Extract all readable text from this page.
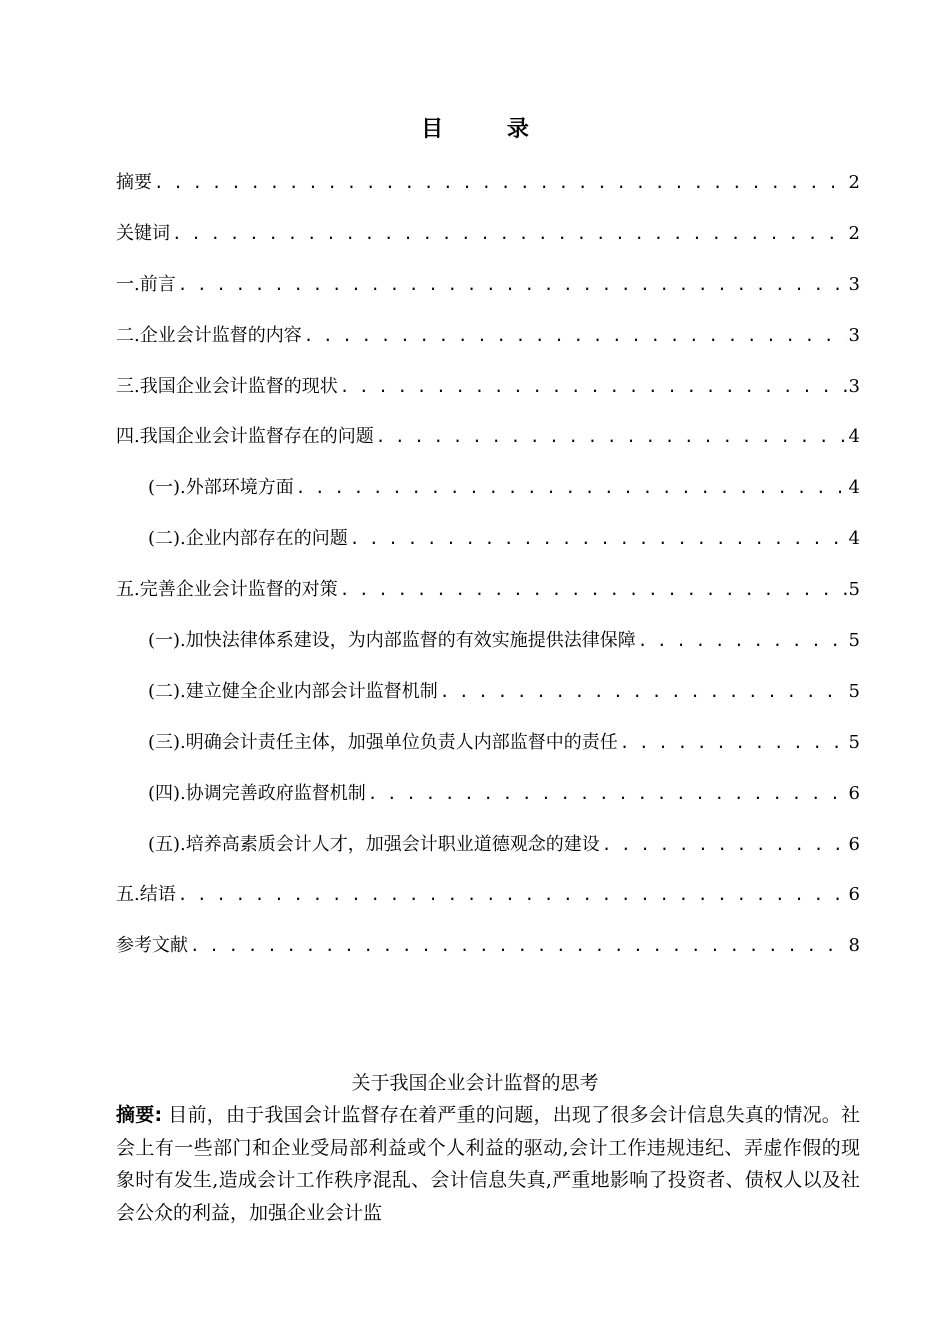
目 录
摘要 . . .	2
关键词 . . .	2
一.前言 . . .	3
二.企业会计监督的内容 . . .	3
三.我国企业会计监督的现状 . . .	3
四.我国企业会计监督存在的问题 . . .	4
(一).外部环境方面 . . .	4
(二).企业内部存在的问题 . . .	4
五.完善企业会计监督的对策 . . .	5
(一).加快法律体系建设，为内部监督的有效实施提供法律保障 . . .	5
(二).建立健全企业内部会计监督机制 . . .	5
(三).明确会计责任主体，加强单位负责人内部监督中的责任 . . .	5
(四).协调完善政府监督机制 . . .	6
(五).培养高素质会计人才，加强会计职业道德观念的建设 . . .	6
五.结语 . . .	6
参考文献 . . .	8
关于我国企业会计监督的思考

摘要: 目前，由于我国会计监督存在着严重的问题，出现了很多会计信息失真的情况。社会上有一些部门和企业受局部利益或个人利益的驱动,会计工作违规违纪、弄虚作假的现象时有发生,造成会计工作秩序混乱、会计信息失真,严重地影响了投资者、债权人以及社会公众的利益，加强企业会计监
